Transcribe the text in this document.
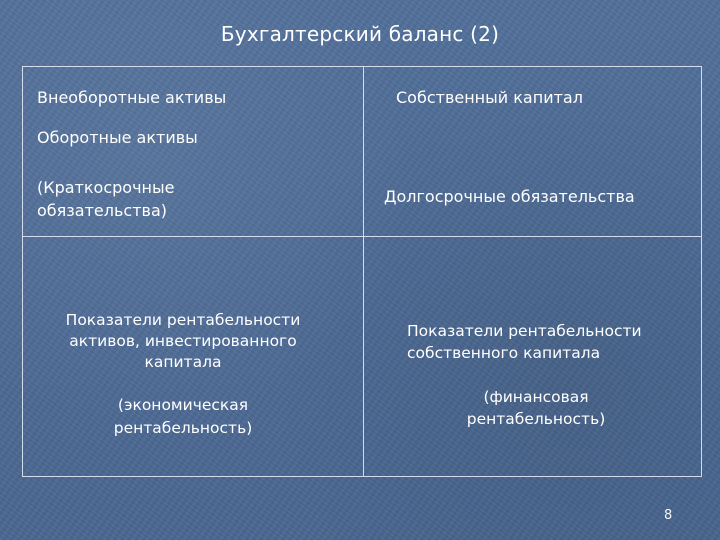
Бухгалтерский баланс (2)
Внеоборотные активы
Оборотные активы
(Краткосрочные
обязательства)
Собственный капитал
Долгосрочные обязательства
Показатели рентабельности
активов, инвестированного
капитала
(экономическая
рентабельность)
Показатели рентабельности
собственного капитала
(финансовая
рентабельность)
8
